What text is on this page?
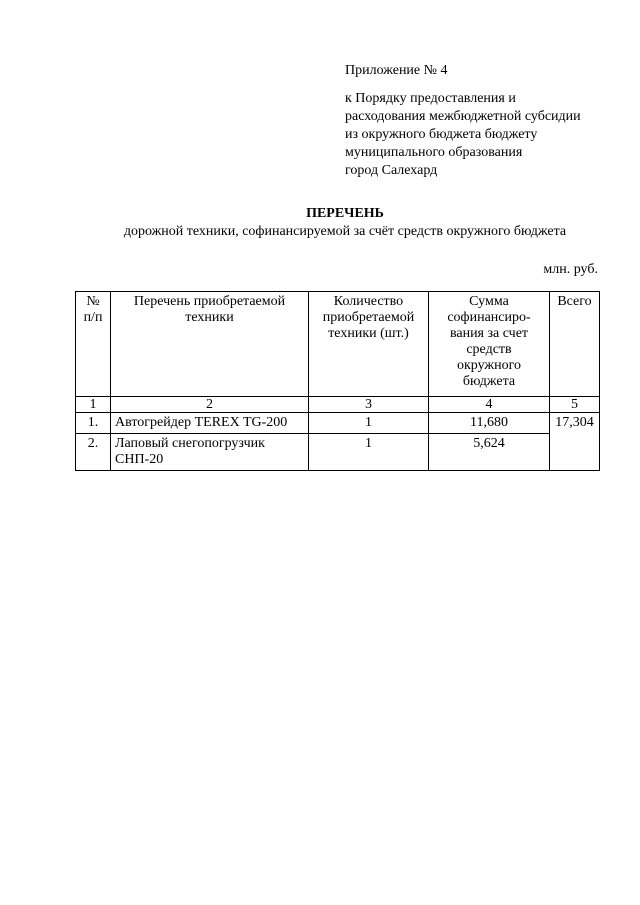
Приложение № 4
к Порядку предоставления и
расходования межбюджетной субсидии
из окружного бюджета бюджету
муниципального образования
город Салехард
ПЕРЕЧЕНЬ
дорожной техники, софинансируемой за счёт средств окружного бюджета
млн. руб.
№ п/п	Перечень приобретаемой техники	Количество приобретаемой техники (шт.)	Сумма софинансиро-вания за счет средств окружного бюджета	Всего
1	2	3	4	5
1.	Автогрейдер TEREX TG-200	1	11,680	17,304
2.	Лаповый снегопогрузчик СНП-20	1	5,624	
